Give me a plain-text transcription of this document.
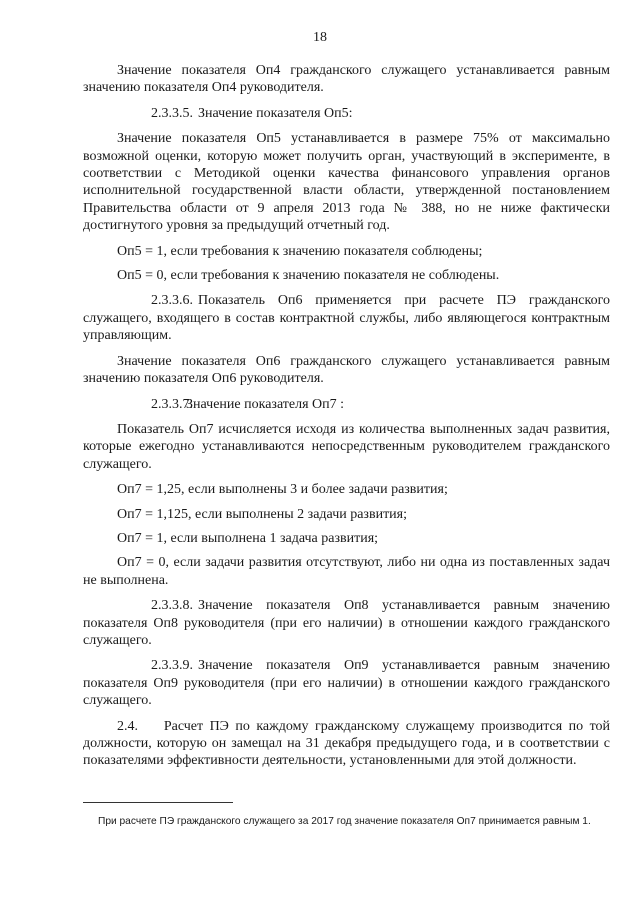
18

Значение показателя Оп4 гражданского служащего устанавливается равным значению показателя Оп4 руководителя.

2.3.3.5. Значение показателя Оп5:

Значение показателя Оп5 устанавливается в размере 75% от максимально возможной оценки, которую может получить орган, участвующий в эксперименте, в соответствии с Методикой оценки качества финансового управления органов исполнительной государственной власти области, утвержденной постановлением Правительства области от 9 апреля 2013 года № 388, но не ниже фактически достигнутого уровня за предыдущий отчетный год.

Оп5 = 1, если требования к значению показателя соблюдены;

Оп5 = 0, если требования к значению показателя не соблюдены.

2.3.3.6. Показатель Оп6 применяется при расчете ПЭ гражданского служащего, входящего в состав контрактной службы, либо являющегося контрактным управляющим.

Значение показателя Оп6 гражданского служащего устанавливается равным значению показателя Оп6 руководителя.

2.3.3.7.Значение показателя Оп7 :

Показатель Оп7 исчисляется исходя из количества выполненных задач развития, которые ежегодно устанавливаются непосредственным руководителем гражданского служащего.

Оп7 = 1,25, если выполнены 3 и более задачи развития;

Оп7 = 1,125, если выполнены 2 задачи развития;

Оп7 = 1, если выполнена 1 задача развития;

Оп7 = 0, если задачи развития отсутствуют, либо ни одна из поставленных задач не выполнена.

2.3.3.8. Значение показателя Оп8 устанавливается равным значению показателя Оп8 руководителя (при его наличии) в отношении каждого гражданского служащего.

2.3.3.9. Значение показателя Оп9 устанавливается равным значению показателя Оп9 руководителя (при его наличии) в отношении каждого гражданского служащего.

2.4. Расчет ПЭ по каждому гражданскому служащему производится по той должности, которую он замещал на 31 декабря предыдущего года, и в соответствии с показателями эффективности деятельности, установленными для этой должности.

При расчете ПЭ гражданского служащего за 2017 год значение показателя Оп7 принимается равным 1.
